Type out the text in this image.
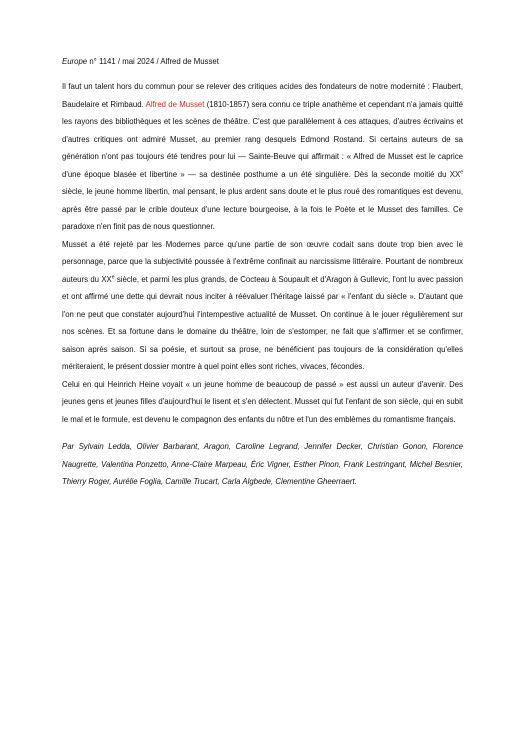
Europe n° 1141 / mai 2024 / Alfred de Musset

Il faut un talent hors du commun pour se relever des critiques acides des fondateurs de notre modernité : Flaubert, Baudelaire et Rimbaud. Alfred de Musset (1810-1857) sera connu ce triple anathème et cependant n'a jamais quitté les rayons des bibliothèques et les scènes de théâtre. C'est que parallèlement à ces attaques, d'autres écrivains et d'autres critiques ont admiré Musset, au premier rang desquels Edmond Rostand. Si certains auteurs de sa génération n'ont pas toujours été tendres pour lui — Sainte-Beuve qui affirmait : « Alfred de Musset est le caprice d'une époque blasée et libertine » — sa destinée posthume a un été singulière. Dès la seconde moitié du XXe siècle, le jeune homme libertin, mal pensant, le plus ardent sans doute et le plus roué des romantiques est devenu, après être passé par le crible douteux d'une lecture bourgeoise, à la fois le Poète et le Musset des familles. Ce paradoxe n'en finit pas de nous questionner.

Musset a été rejeté par les Modernes parce qu'une partie de son œuvre codait sans doute trop bien avec le personnage, parce que la subjectivité poussée à l'extrême confinait au narcissisme littéraire. Pourtant de nombreux auteurs du XXe siècle, et parmi les plus grands, de Cocteau à Soupault et d'Aragon à Gullevic, l'ont lu avec passion et ont affirmé une dette qui devrait nous inciter à réévaluer l'héritage laissé par « l'enfant du siècle ». D'autant que l'on ne peut que constater aujourd'hui l'intempestive actualité de Musset. On continue à le jouer régulièrement sur nos scènes. Et sa fortune dans le domaine du théâtre, loin de s'estomper, ne fait que s'affirmer et se confirmer, saison après saison. Si sa poésie, et surtout sa prose, ne bénéficient pas toujours de la considération qu'elles mériteraient, le présent dossier montre à quel point elles sont riches, vivaces, fécondes.

Celui en qui Heinrich Heine voyait « un jeune homme de beaucoup de passé » est aussi un auteur d'avenir. Des jeunes gens et jeunes filles d'aujourd'hui le lisent et s'en délectent. Musset qui fut l'enfant de son siècle, qui en subit le mal et le formule, est devenu le compagnon des enfants du nôtre et l'un des emblèmes du romantisme français.

Par Sylvain Ledda, Olivier Barbarant, Aragon, Caroline Legrand, Jennifer Decker, Christian Gonon, Florence Naugrette, Valentina Ponzetto, Anne-Claire Marpeau, Éric Vigner, Esther Pinon, Frank Lestringant, Michel Besnier, Thierry Roger, Aurélie Foglia, Camille Trucart, Carla Algbede, Clementine Gheerraert.
